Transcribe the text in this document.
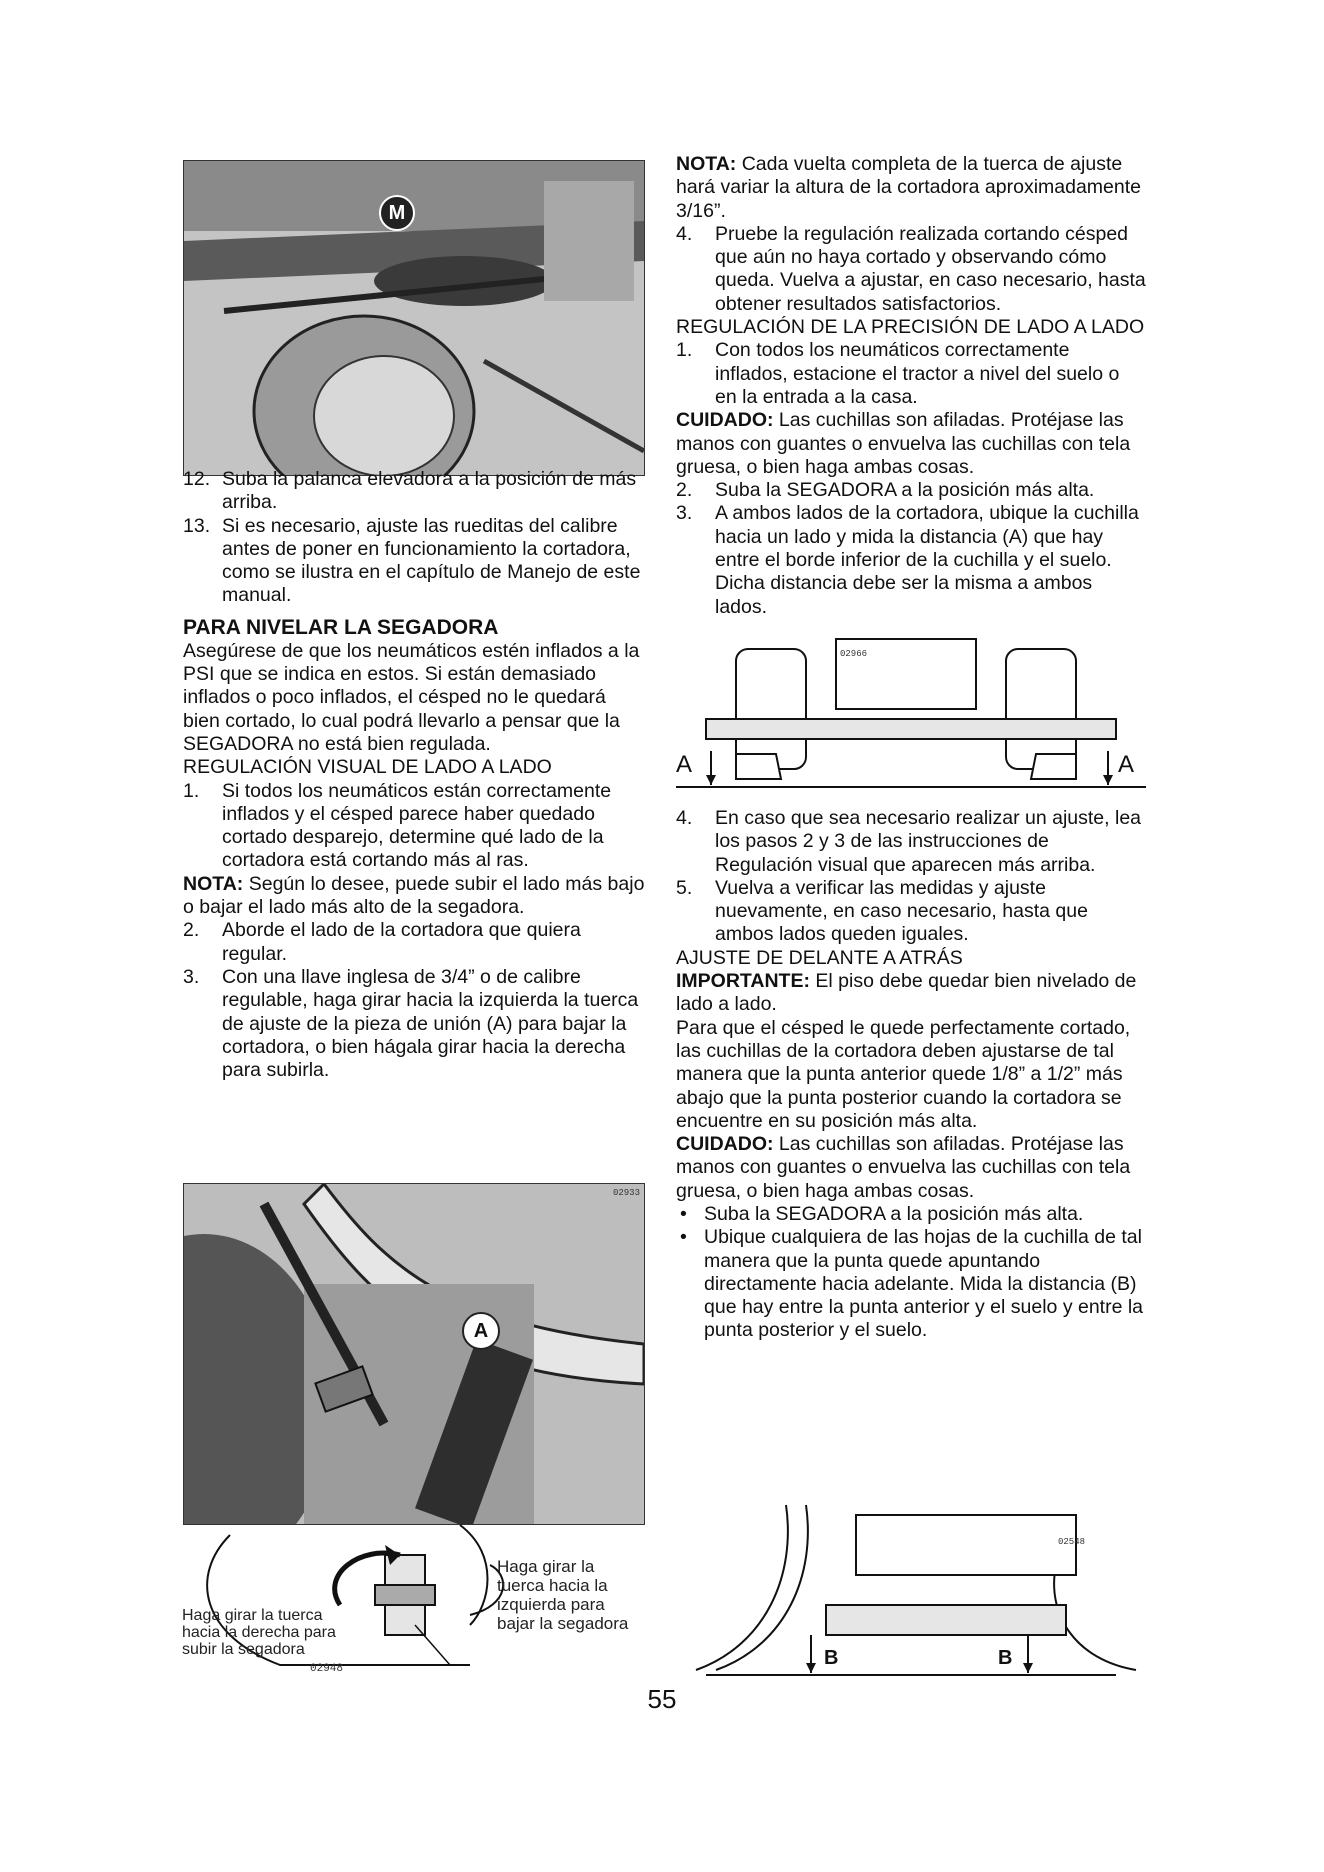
M

12. Suba la palanca elevadora a la posición de más arriba.

13. Si es necesario, ajuste las rueditas del calibre antes de poner en funcionamiento la cortadora, como se ilustra en el capítulo de Manejo de este manual.

PARA NIVELAR LA SEGADORA

Asegúrese de que los neumáticos estén inflados a la PSI que se indica en estos. Si están demasiado inflados o poco inflados, el césped no le quedará bien cortado, lo cual podrá llevarlo a pensar que la SEGADORA no está bien regulada.

REGULACIÓN VISUAL DE LADO A LADO

1. Si todos los neumáticos están correctamente inflados y el césped parece haber quedado cortado desparejo, determine qué lado de la cortadora está cortando más al ras.

NOTA: Según lo desee, puede subir el lado más bajo o bajar el lado más alto de la segadora.

2. Aborde el lado de la cortadora que quiera regular.

3. Con una llave inglesa de 3/4” o de calibre regulable, haga girar hacia la izquierda la tuerca de ajuste de la pieza de unión (A) para bajar la cortadora, o bien hágala girar hacia la derecha para subirla.

A
02933
Haga girar la tuerca hacia la derecha para subir la segadora
Haga girar la tuerca hacia la izquierda para bajar la segadora
02948

NOTA: Cada vuelta completa de la tuerca de ajuste hará variar la altura de la cortadora aproximadamente 3/16”.

4. Pruebe la regulación realizada cortando césped que aún no haya cortado y observando cómo queda. Vuelva a ajustar, en caso necesario, hasta obtener resultados satisfactorios.

REGULACIÓN DE LA PRECISIÓN DE LADO A LADO

1. Con todos los neumáticos correctamente inflados, estacione el tractor a nivel del suelo o en la entrada a la casa.

CUIDADO: Las cuchillas son afiladas. Protéjase las manos con guantes o envuelva las cuchillas con tela gruesa, o bien haga ambas cosas.

2. Suba la SEGADORA a la posición más alta.

3. A ambos lados de la cortadora, ubique la cuchilla hacia un lado y mida la distancia (A) que hay entre el borde inferior de la cuchilla y el suelo. Dicha distancia debe ser la misma a ambos lados.

A	A
02966

4. En caso que sea necesario realizar un ajuste, lea los pasos 2 y 3 de las instrucciones de Regulación visual que aparecen más arriba.

5. Vuelva a verificar las medidas y ajuste nuevamente, en caso necesario, hasta que ambos lados queden iguales.

AJUSTE DE DELANTE A ATRÁS

IMPORTANTE: El piso debe quedar bien nivelado de lado a lado.

Para que el césped le quede perfectamente cortado, las cuchillas de la cortadora deben ajustarse de tal manera que la punta anterior quede 1/8” a 1/2” más abajo que la punta posterior cuando la cortadora se encuentre en su posición más alta.

CUIDADO: Las cuchillas son afiladas. Protéjase las manos con guantes o envuelva las cuchillas con tela gruesa, o bien haga ambas cosas.

• Suba la SEGADORA a la posición más alta.

• Ubique cualquiera de las hojas de la cuchilla de tal manera que la punta quede apuntando directamente hacia adelante. Mida la distancia (B) que hay entre la punta anterior y el suelo y entre la punta posterior y el suelo.

B	B
02548
55
